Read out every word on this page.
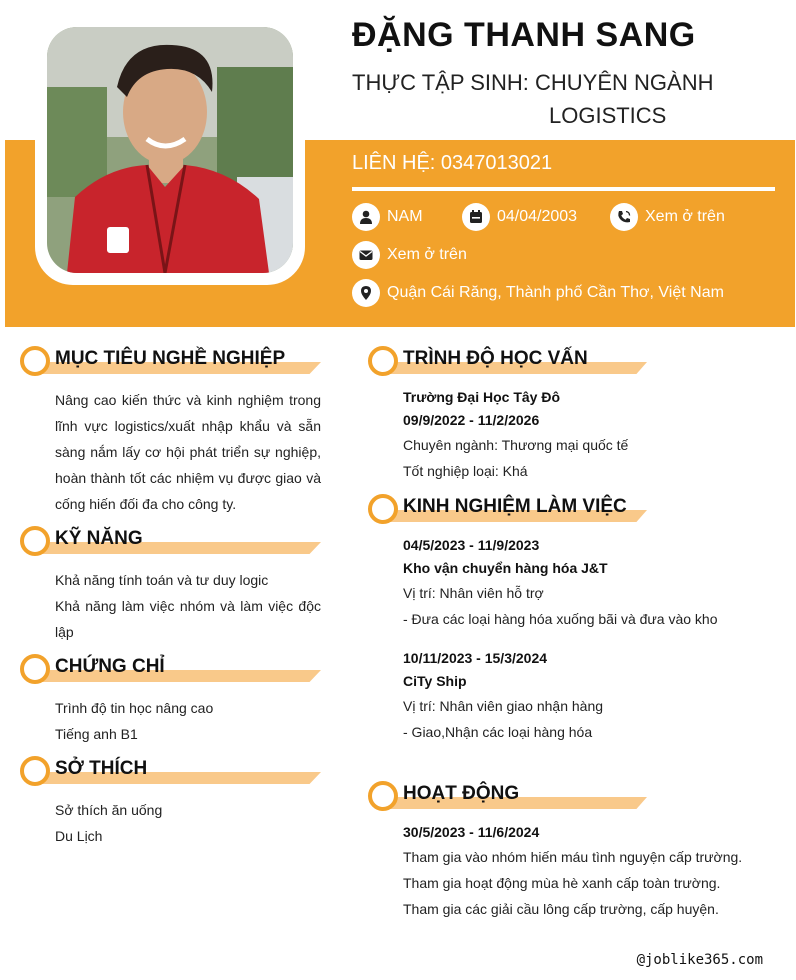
ĐẶNG THANH SANG
THỰC TẬP SINH: CHUYÊN NGÀNH
LOGISTICS
LIÊN HỆ: 0347013021
NAM	04/04/2003	Xem ở trên
Xem ở trên
Quận Cái Răng, Thành phố Cần Thơ, Việt Nam
MỤC TIÊU NGHỀ NGHIỆP
Nâng cao kiến thức và kinh nghiệm trong lĩnh vực logistics/xuất nhập khẩu và sẵn sàng nắm lấy cơ hội phát triển sự nghiệp, hoàn thành tốt các nhiệm vụ được giao và cống hiến đối đa cho công ty.
KỸ NĂNG
Khả năng tính toán và tư duy logic
Khả năng làm việc nhóm và làm việc độc lập
CHỨNG CHỈ
Trình độ tin học nâng cao
Tiếng anh B1
SỞ THÍCH
Sở thích ăn uống
Du Lịch
TRÌNH ĐỘ HỌC VẤN
Trường Đại Học Tây Đô
09/9/2022 - 11/2/2026
Chuyên ngành: Thương mại quốc tế
Tốt nghiệp loại: Khá
KINH NGHIỆM LÀM VIỆC
04/5/2023 - 11/9/2023
Kho vận chuyển hàng hóa J&T
Vị trí: Nhân viên hỗ trợ
- Đưa các loại hàng hóa xuống bãi và đưa vào kho
10/11/2023 - 15/3/2024
CiTy Ship
Vị trí: Nhân viên giao nhận hàng
- Giao,Nhận các loại hàng hóa
HOẠT ĐỘNG
30/5/2023 - 11/6/2024
Tham gia vào nhóm hiến máu tình nguyện cấp trường.
Tham gia hoạt động mùa hè xanh cấp toàn trường.
Tham gia các giải cầu lông cấp trường, cấp huyện.
@joblike365.com
